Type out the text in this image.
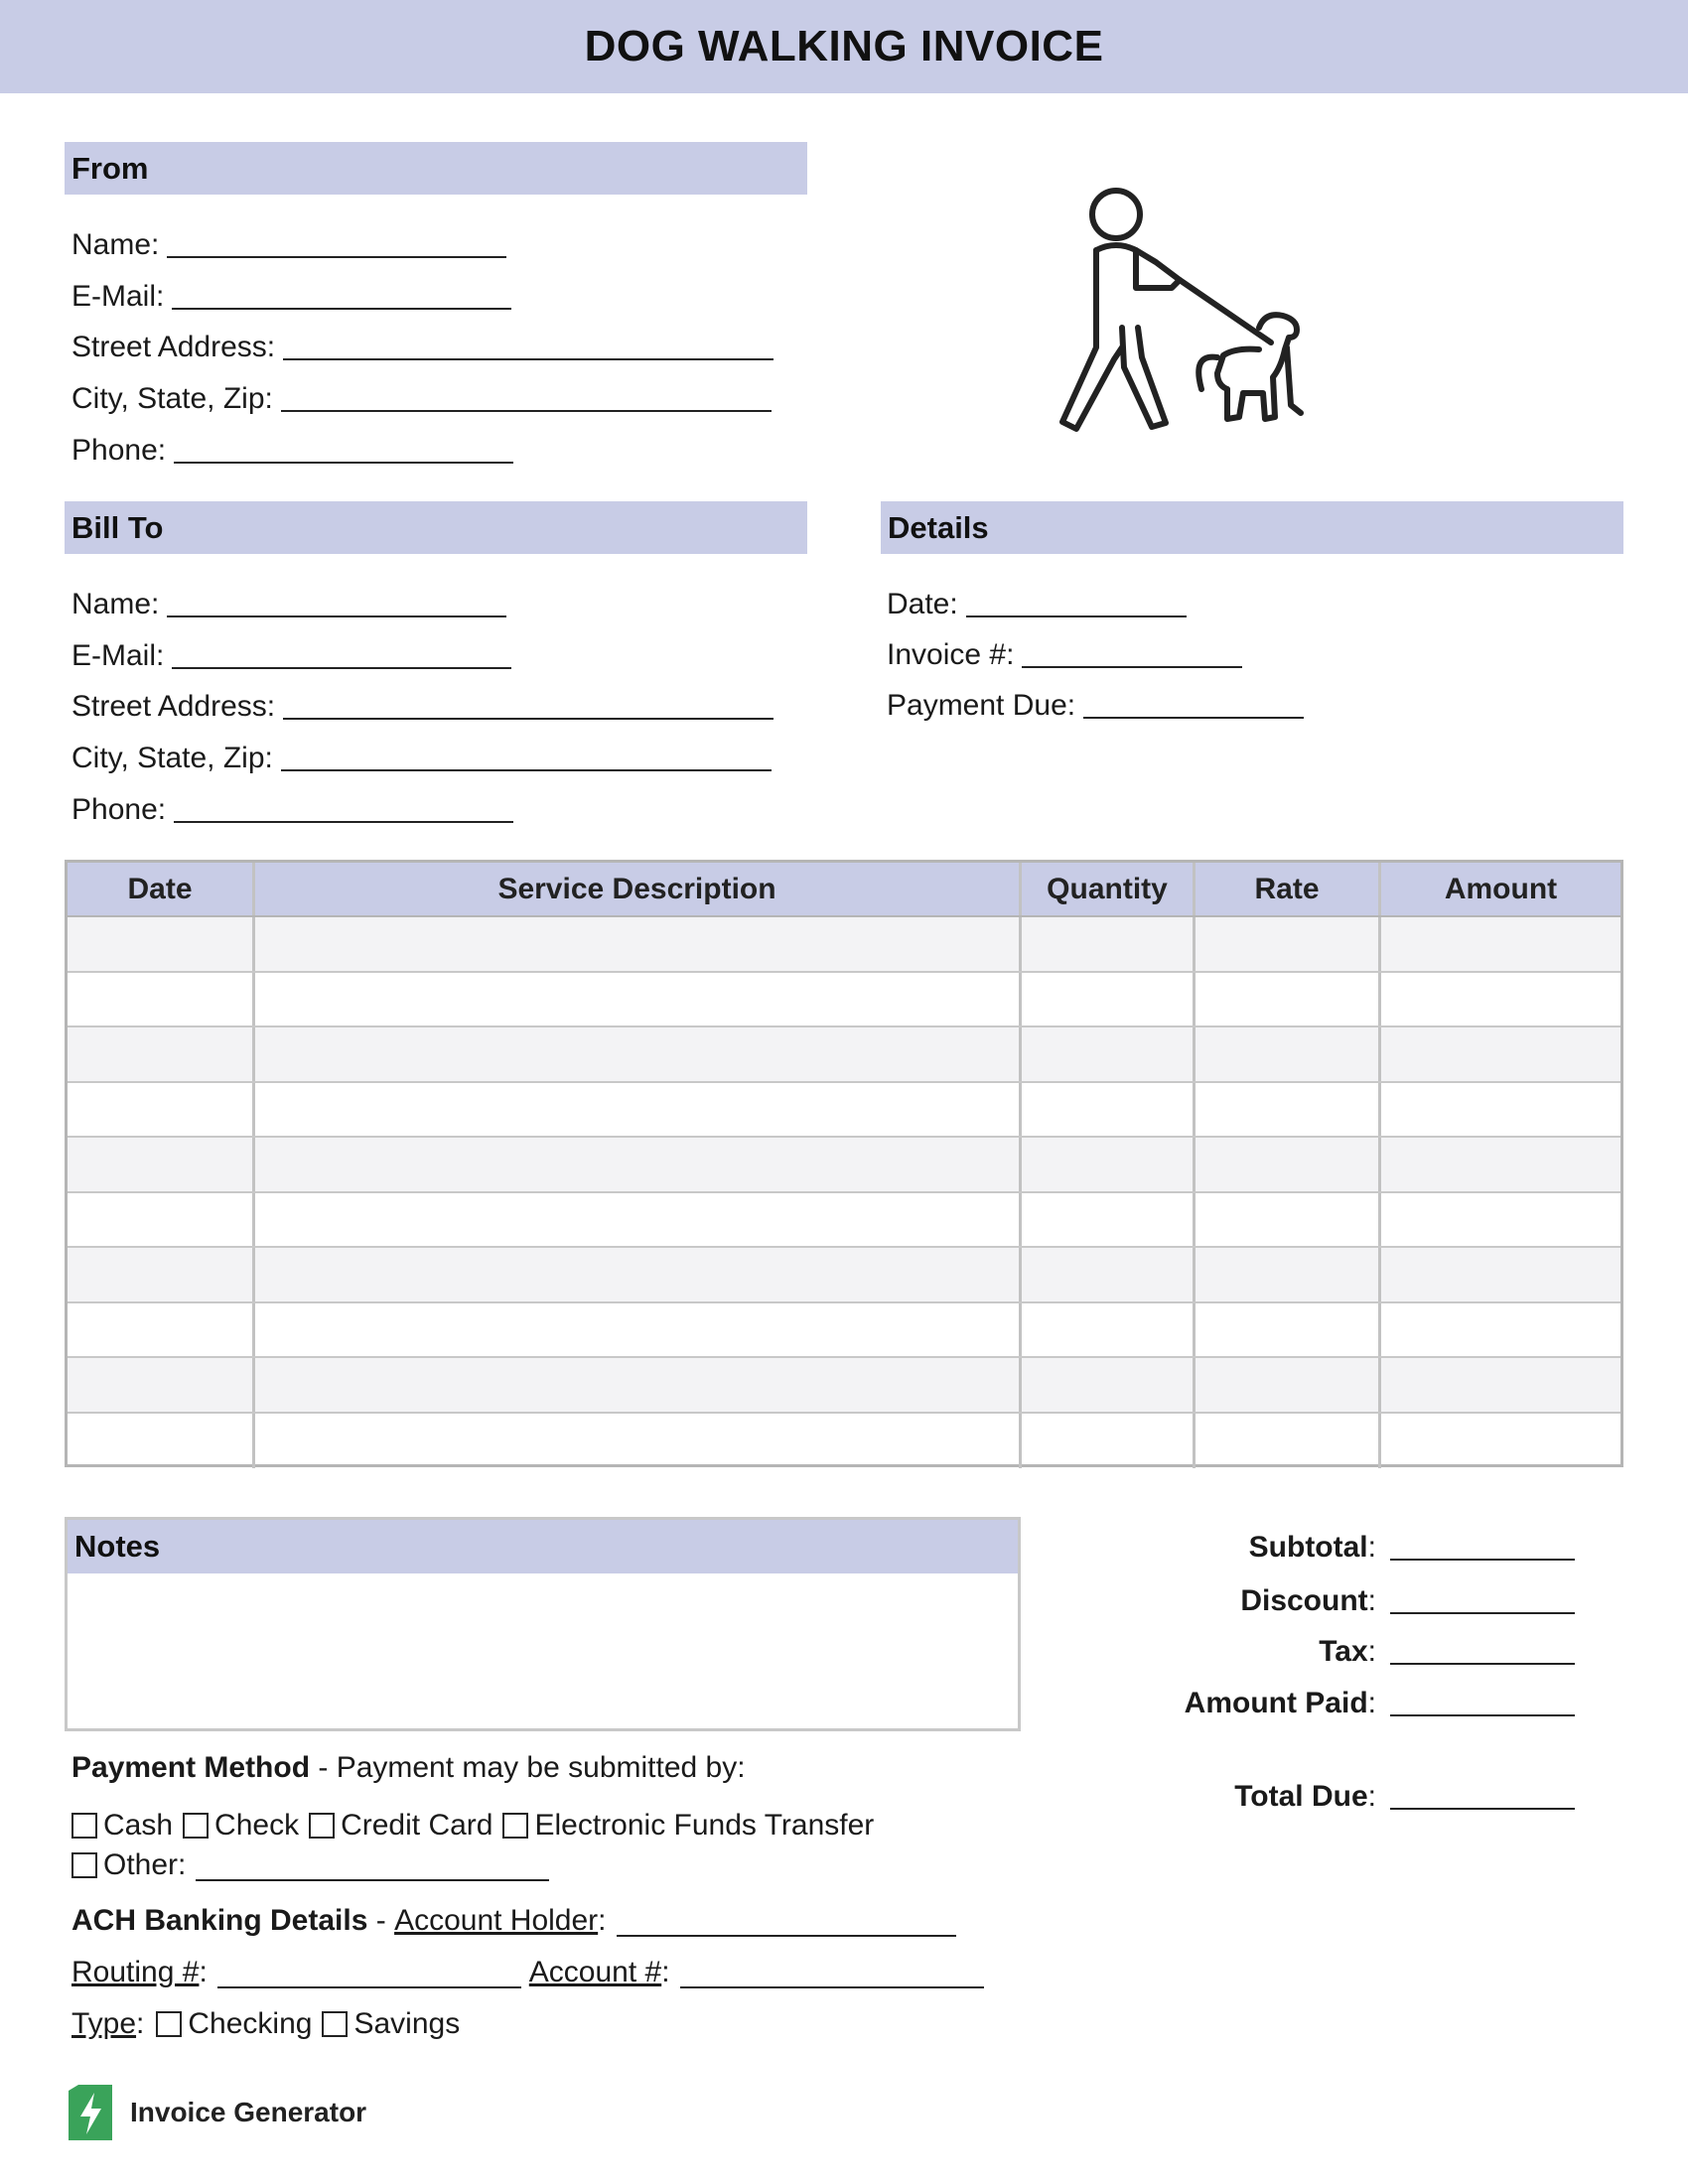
DOG WALKING INVOICE
From
Name:
E-Mail:
Street Address:
City, State, Zip:
Phone:
Bill To
Name:
E-Mail:
Street Address:
City, State, Zip:
Phone:
Details
Date:
Invoice #:
Payment Due:
Date	Service Description	Quantity	Rate	Amount
Notes	Subtotal:
Discount:
Tax:
Amount Paid:
Total Due:
Payment Method - Payment may be submitted by:
Cash	Check	Credit Card	Electronic Funds Transfer
Other:
ACH Banking Details - Account Holder :
Routing # :	Account # :
Type :	Checking	Savings
Invoice Generator
